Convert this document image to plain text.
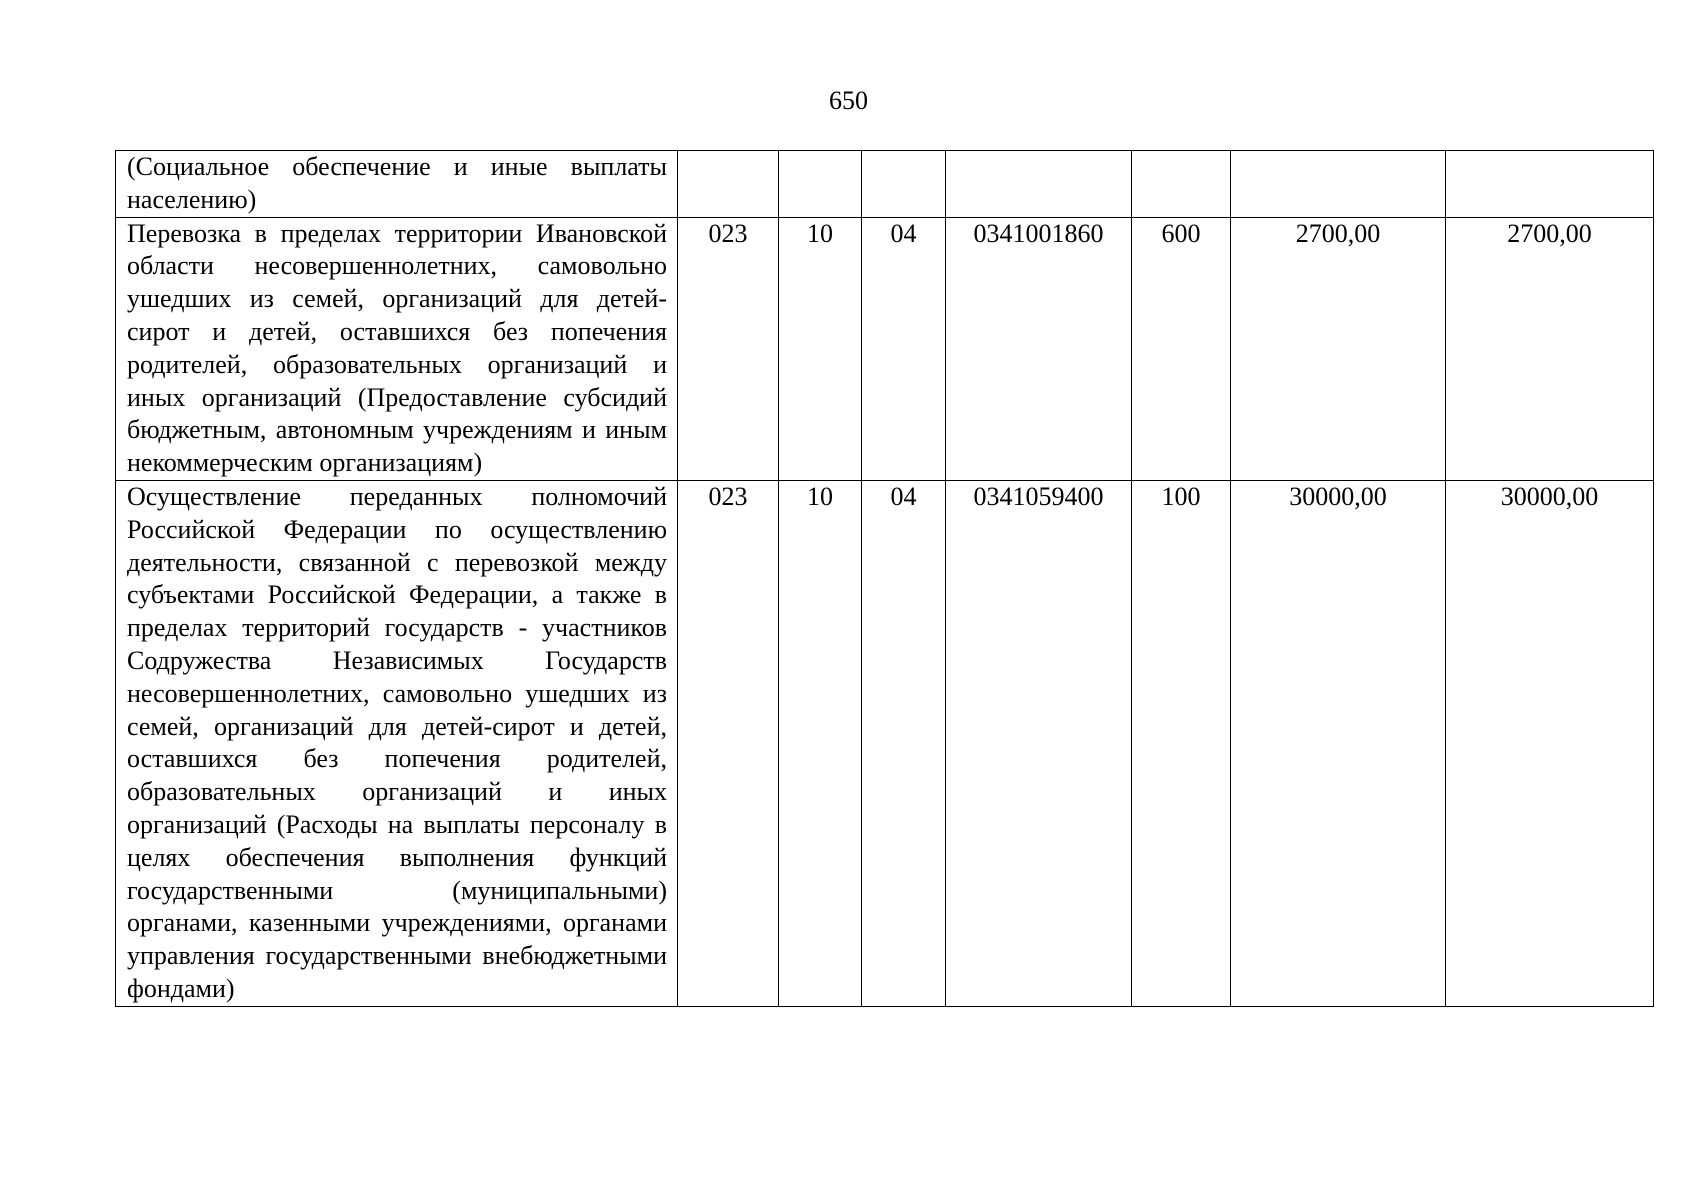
650
(Социальное обеспечение и иные выплаты населению)							
Перевозка в пределах территории Ивановской области несовершеннолетних, самовольно ушедших из семей, организаций для детей-сирот и детей, оставшихся без попечения родителей, образовательных организаций и иных организаций (Предоставление субсидий бюджетным, автономным учреждениям и иным некоммерческим организациям)	023	10	04	0341001860	600	2700,00	2700,00
Осуществление переданных полномочий Российской Федерации по осуществлению деятельности, связанной с перевозкой между субъектами Российской Федерации, а также в пределах территорий государств - участников Содружества Независимых Государств несовершеннолетних, самовольно ушедших из семей, организаций для детей-сирот и детей, оставшихся без попечения родителей, образовательных организаций и иных организаций (Расходы на выплаты персоналу в целях обеспечения выполнения функций государственными (муниципальными) органами, казенными учреждениями, органами управления государственными внебюджетными фондами)	023	10	04	0341059400	100	30000,00	30000,00
